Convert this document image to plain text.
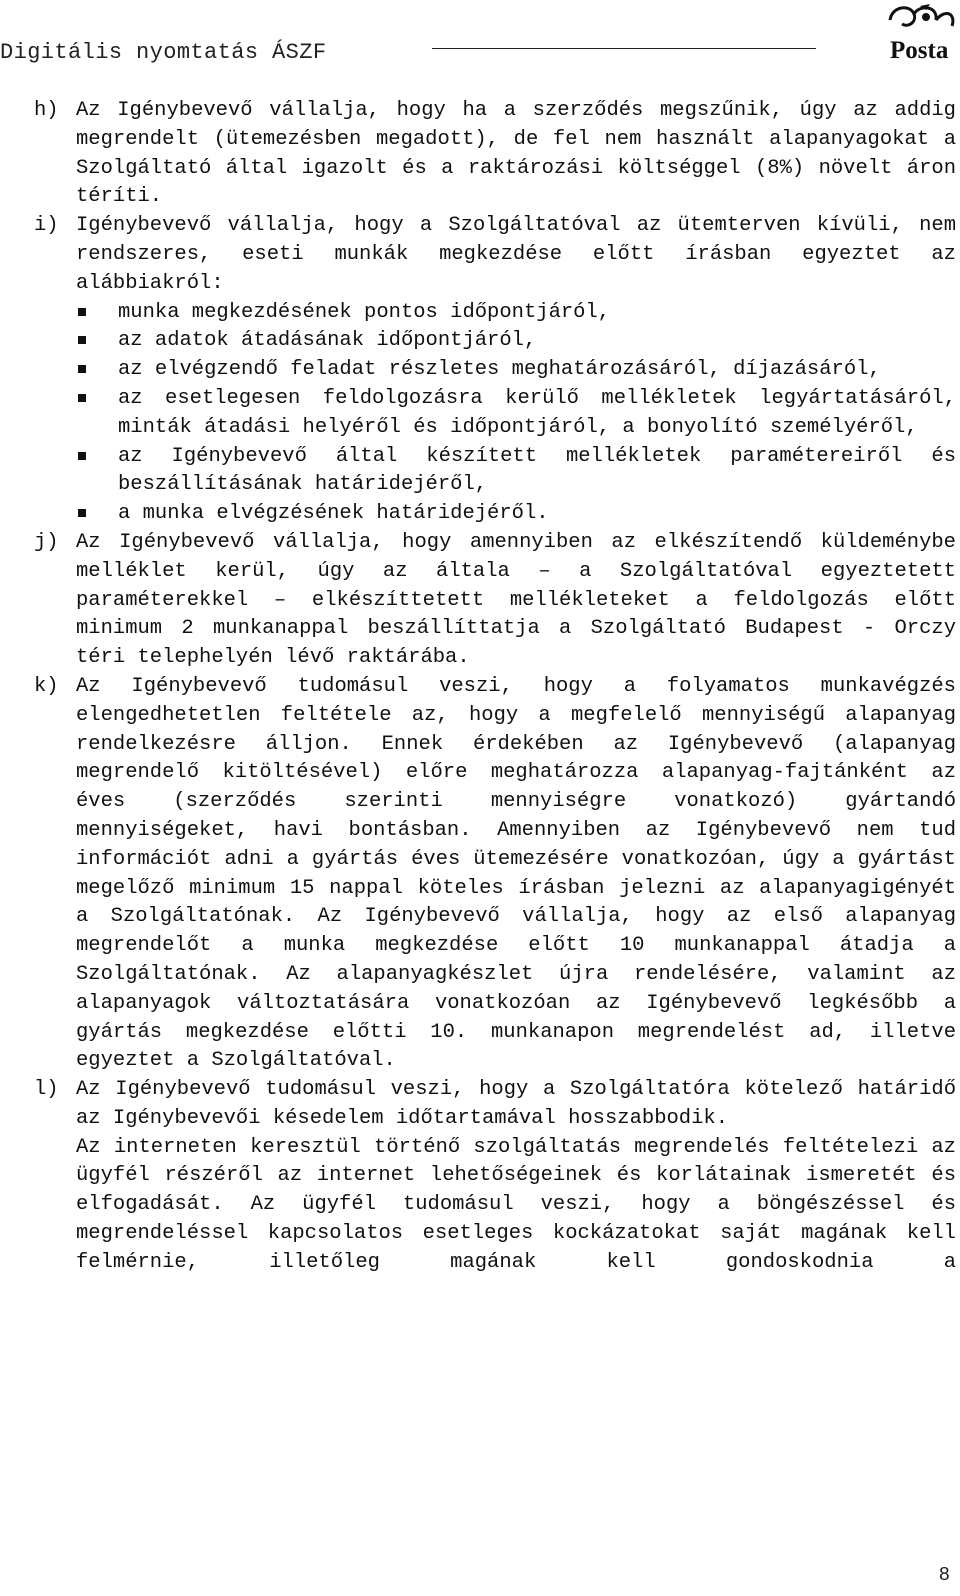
Digitális nyomtatás ÁSZF	Posta
h) Az Igénybevevő vállalja, hogy ha a szerződés megszűnik, úgy az addig megrendelt (ütemezésben megadott), de fel nem használt alapanyagokat a Szolgáltató által igazolt és a raktározási költséggel (8%) növelt áron téríti.
i) Igénybevevő vállalja, hogy a Szolgáltatóval az ütemterven kívüli, nem rendszeres, eseti munkák megkezdése előtt írásban egyeztet az alábbiakról:
munka megkezdésének pontos időpontjáról,
az adatok átadásának időpontjáról,
az elvégzendő feladat részletes meghatározásáról, díjazásáról,
az esetlegesen feldolgozásra kerülő mellékletek legyártatásáról, minták átadási helyéről és időpontjáról, a bonyolító személyéről,
az Igénybevevő által készített mellékletek paramétereiről és beszállításának határidejéről,
a munka elvégzésének határidejéről.
j) Az Igénybevevő vállalja, hogy amennyiben az elkészítendő küldeménybe melléklet kerül, úgy az általa – a Szolgáltatóval egyeztetett paraméterekkel – elkészíttetett mellékleteket a feldolgozás előtt minimum 2 munkanappal beszállíttatja a Szolgáltató Budapest - Orczy téri telephelyén lévő raktárába.
k) Az Igénybevevő tudomásul veszi, hogy a folyamatos munkavégzés elengedhetetlen feltétele az, hogy a megfelelő mennyiségű alapanyag rendelkezésre álljon. Ennek érdekében az Igénybevevő (alapanyag megrendelő kitöltésével) előre meghatározza alapanyag-fajtánként az éves (szerződés szerinti mennyiségre vonatkozó) gyártandó mennyiségeket, havi bontásban. Amennyiben az Igénybevevő nem tud információt adni a gyártás éves ütemezésére vonatkozóan, úgy a gyártást megelőző minimum 15 nappal köteles írásban jelezni az alapanyagigényét a Szolgáltatónak. Az Igénybevevő vállalja, hogy az első alapanyag megrendelőt a munka megkezdése előtt 10 munkanappal átadja a Szolgáltatónak. Az alapanyagkészlet újra rendelésére, valamint az alapanyagok változtatására vonatkozóan az Igénybevevő legkésőbb a gyártás megkezdése előtti 10. munkanapon megrendelést ad, illetve egyeztet a Szolgáltatóval.
l) Az Igénybevevő tudomásul veszi, hogy a Szolgáltatóra kötelező határidő az Igénybevevői késedelem időtartamával hosszabbodik.
Az interneten keresztül történő szolgáltatás megrendelés feltételezi az ügyfél részéről az internet lehetőségeinek és korlátainak ismeretét és elfogadását. Az ügyfél tudomásul veszi, hogy a böngészéssel és megrendeléssel kapcsolatos esetleges kockázatokat saját magának kell felmérnie, illetőleg magának kell gondoskodnia a
8
